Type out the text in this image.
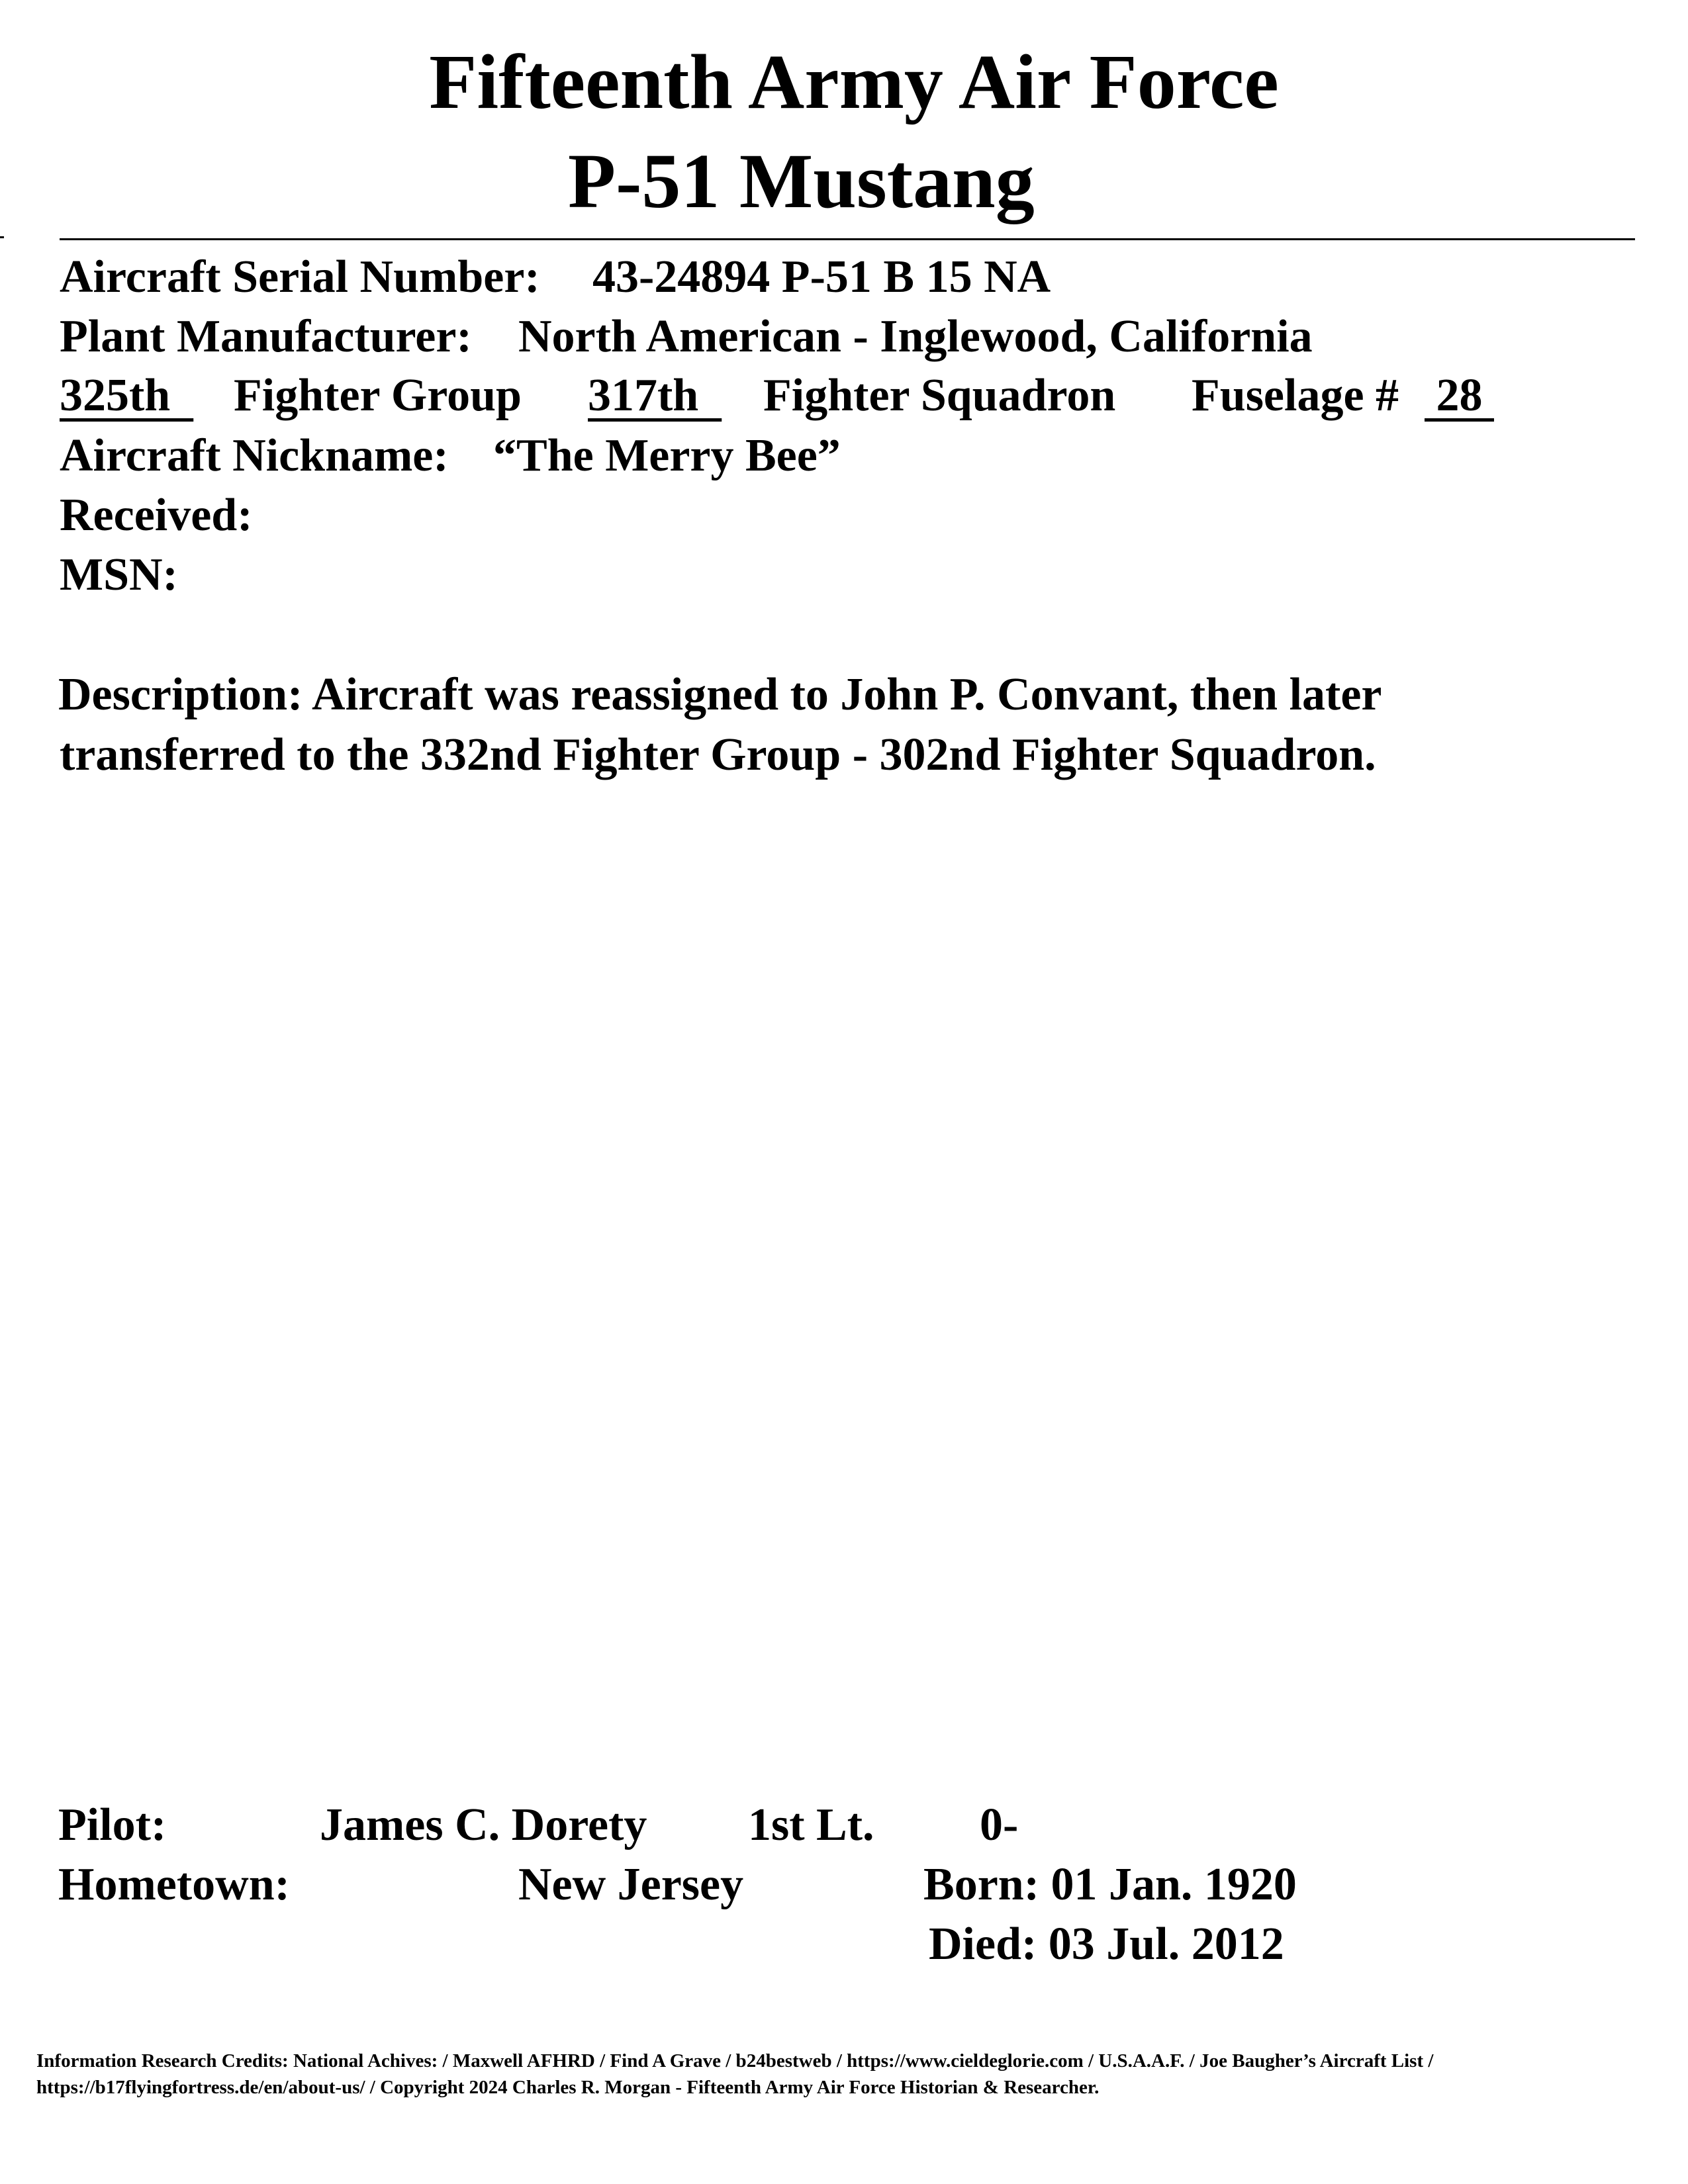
Fifteenth Army Air Force
P-51 Mustang
Aircraft Serial Number: 43-24894 P-51 B 15 NA
Plant Manufacturer: North American - Inglewood, California
325th Fighter Group 317th Fighter Squadron Fuselage # 28
Aircraft Nickname: “The Merry Bee”
Received:
MSN:
Description: Aircraft was reassigned to John P. Convant, then later
transferred to the 332nd Fighter Group - 302nd Fighter Squadron.
Pilot:	James C. Dorety 1st Lt. 0-
Hometown:	New Jersey	Born: 01 Jan. 1920
Died: 03 Jul. 2012
Information Research Credits: National Achives: / Maxwell AFHRD / Find A Grave / b24bestweb / https://www.cieldeglorie.com / U.S.A.A.F. / Joe Baugher’s Aircraft List / https://b17flyingfortress.de/en/about-us/ / Copyright 2024 Charles R. Morgan - Fifteenth Army Air Force Historian & Researcher.
